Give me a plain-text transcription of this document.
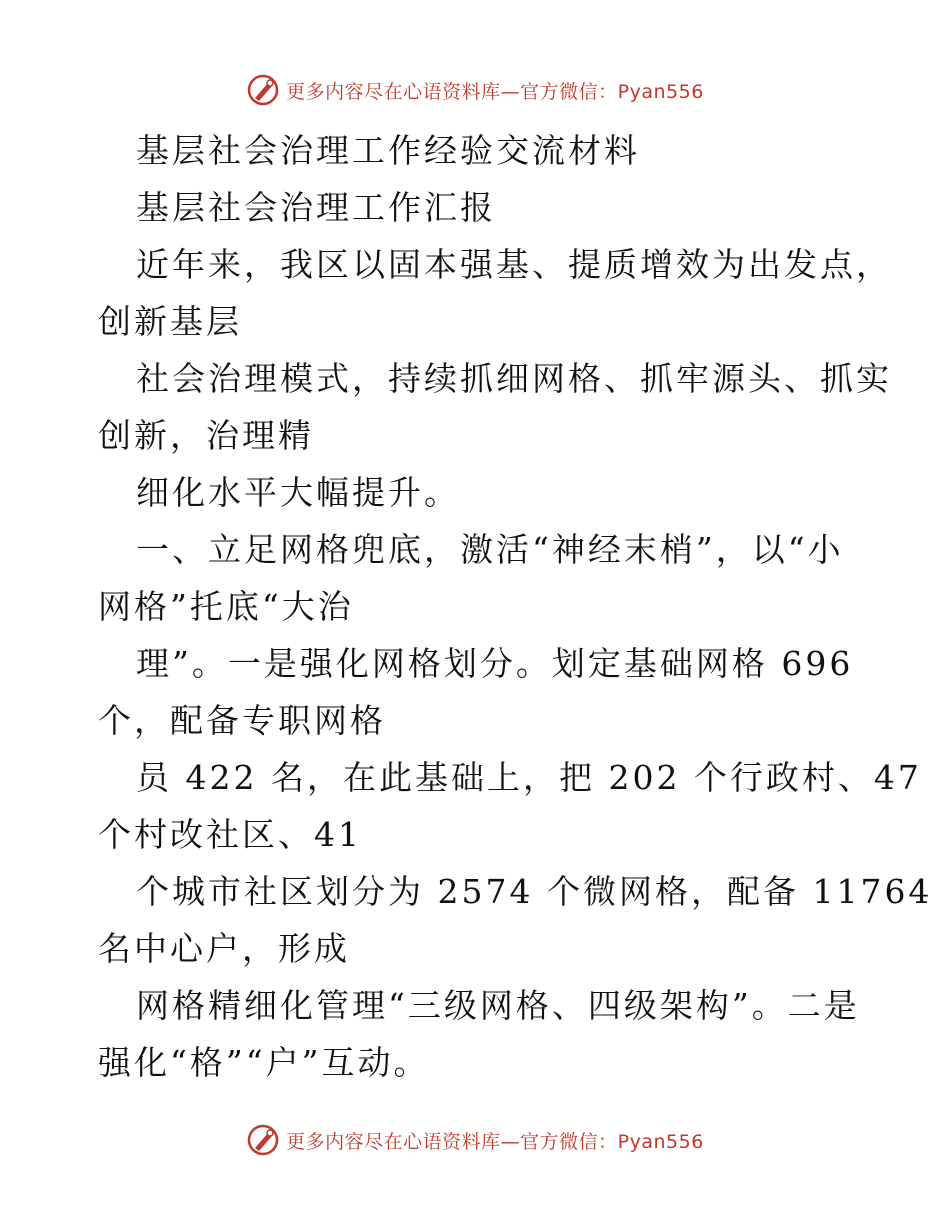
更多内容尽在心语资料库—官方微信：Pyan556

基层社会治理工作经验交流材料

基层社会治理工作汇报

近年来，我区以固本强基、提质增效为出发点，

创新基层

社会治理模式，持续抓细网格、抓牢源头、抓实

创新，治理精

细化水平大幅提升。

一、立足网格兜底，激活“神经末梢”，以“小

网格”托底“大治

理”。一是强化网格划分。划定基础网格 696

个，配备专职网格

员 422 名，在此基础上，把 202 个行政村、47

个村改社区、41

个城市社区划分为 2574 个微网格，配备 11764

名中心户，形成

网格精细化管理“三级网格、四级架构”。二是

强化“格”“户”互动。

更多内容尽在心语资料库—官方微信：Pyan556
